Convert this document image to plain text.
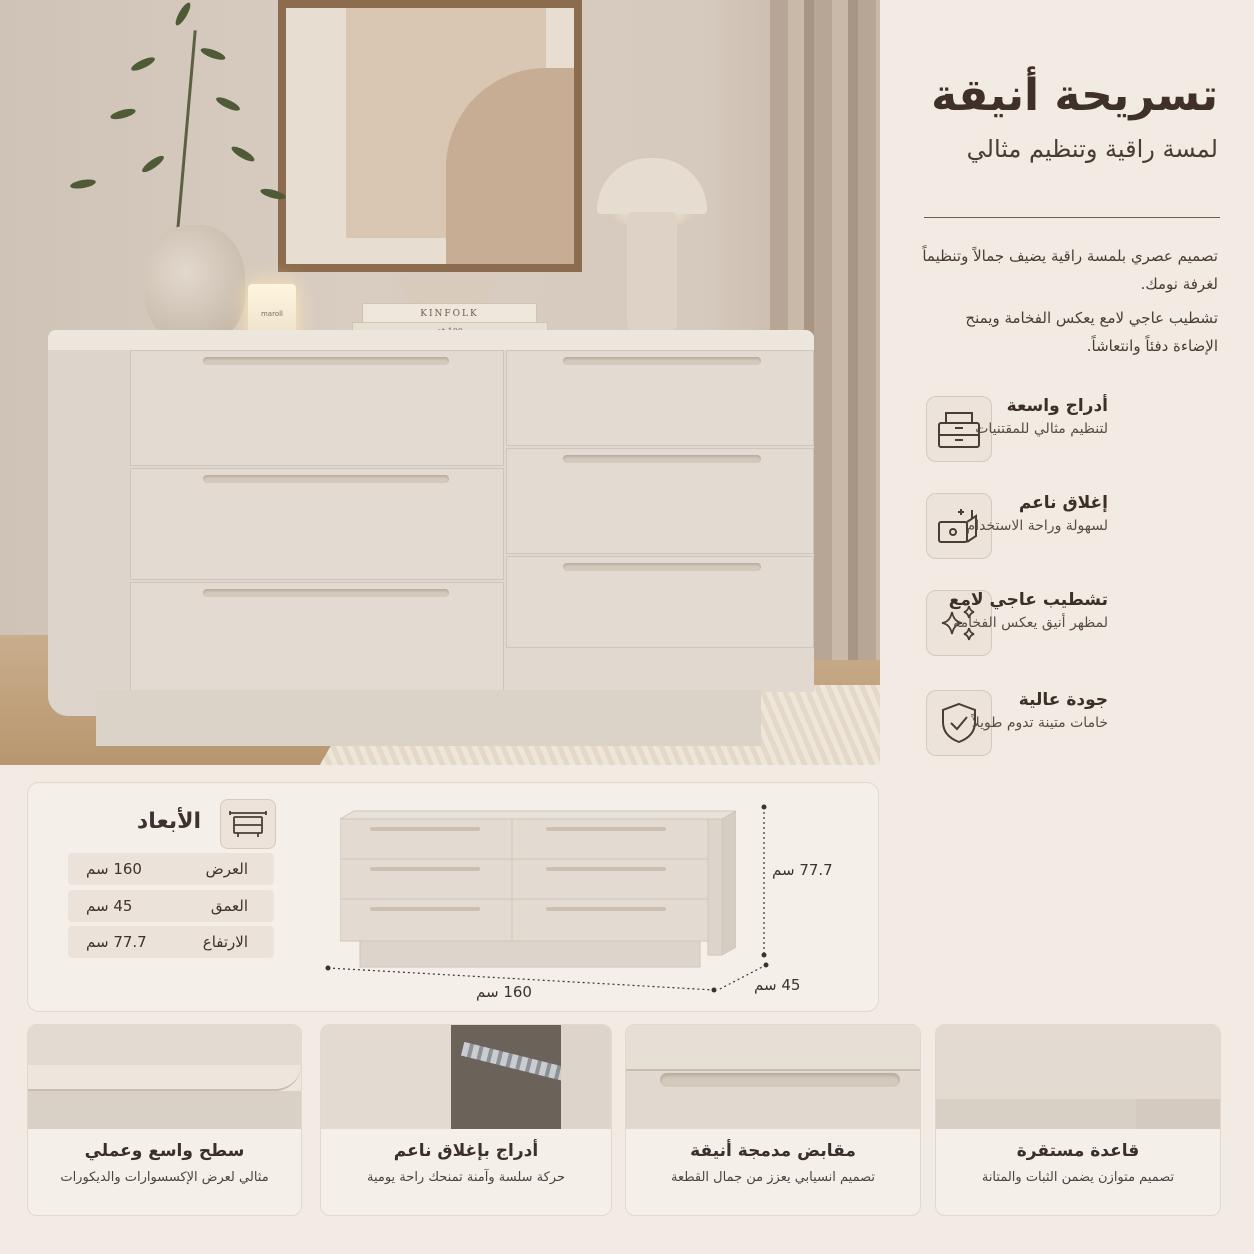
maroll	KINFOLK
تسريحة أنيقة
لمسة راقية وتنظيم مثالي

تصميم عصري بلمسة راقية يضيف جمالاً وتنظيماً لغرفة نومك.

تشطيب عاجي لامع يعكس الفخامة ويمنح الإضاءة دفئاً وانتعاشاً.

أدراج واسعة
لتنظيم مثالي للمقتنيات
إغلاق ناعم
لسهولة وراحة الاستخدام
تشطيب عاجي لامع
لمظهر أنيق يعكس الفخامة
جودة عالية
خامات متينة تدوم طويلاً
الأبعاد
العرض
160 سم
العمق
45 سم
الارتفاع
77.7 سم
77.7 سم
160 سم	45 سم
سطح واسع وعملي
مثالي لعرض الإكسسوارات والديكورات
أدراج بإغلاق ناعم
حركة سلسة وآمنة تمنحك راحة يومية
مقابض مدمجة أنيقة
تصميم انسيابي يعزز من جمال القطعة
قاعدة مستقرة
تصميم متوازن يضمن الثبات والمتانة
